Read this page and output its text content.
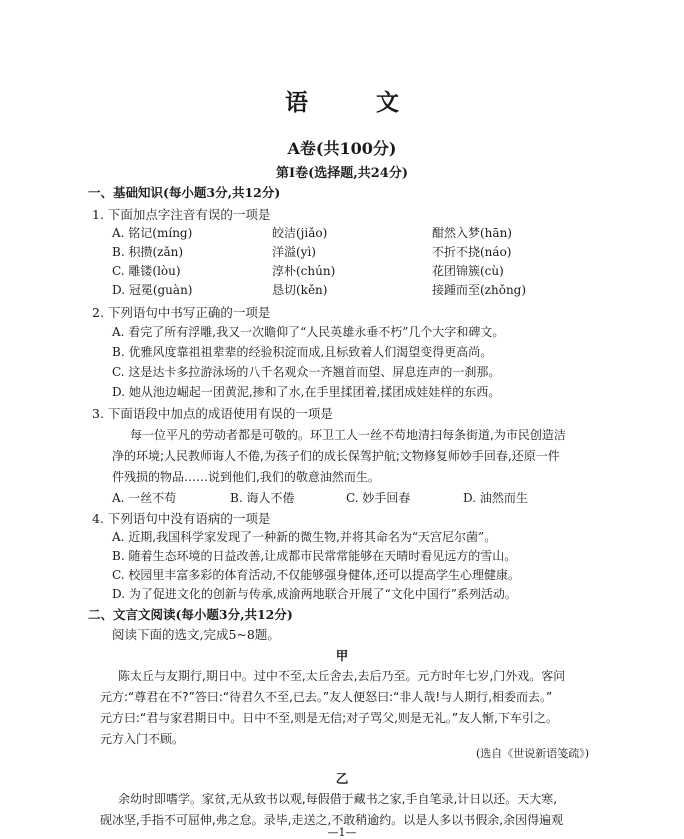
语 文
A卷(共100分)
第Ⅰ卷(选择题,共24分)
一、基础知识(每小题3分,共12分)
1. 下面加点字注音有误的一项是
A. 铭记(míng)	皎洁(jiǎo)	酣然入梦(hān)
B. 积攒(zǎn)	洋溢(yì)	不折不挠(náo)
C. 雕镂(lòu)	淳朴(chún)	花团锦簇(cù)
D. 冠冕(guàn)	恳切(kěn)	接踵而至(zhǒng)
2. 下列语句中书写正确的一项是
A. 看完了所有浮雕,我又一次瞻仰了“人民英雄永垂不朽”几个大字和碑文。
B. 优雅风度靠祖祖辈辈的经验积淀而成,且标致着人们渴望变得更高尚。
C. 这是达卡多拉游泳场的八千名观众一齐翘首而望、屏息连声的一刹那。
D. 她从池边崛起一团黄泥,掺和了水,在手里揉团着,揉团成娃娃样的东西。
3. 下面语段中加点的成语使用有误的一项是
每一位平凡的劳动者都是可敬的。环卫工人一丝不苟地清扫每条街道,为市民创造洁
净的环境;人民教师诲人不倦,为孩子们的成长保驾护航;文物修复师妙手回春,还原一件
件残损的物品……说到他们,我们的敬意油然而生。
A. 一丝不苟	B. 诲人不倦	C. 妙手回春	D. 油然而生
4. 下列语句中没有语病的一项是
A. 近期,我国科学家发现了一种新的微生物,并将其命名为“天宫尼尔菌”。
B. 随着生态环境的日益改善,让成都市民常常能够在天晴时看见远方的雪山。
C. 校园里丰富多彩的体育活动,不仅能够强身健体,还可以提高学生心理健康。
D. 为了促进文化的创新与传承,成渝两地联合开展了“文化中国行”系列活动。
二、文言文阅读(每小题3分,共12分)
阅读下面的选文,完成5~8题。
甲
陈太丘与友期行,期日中。过中不至,太丘舍去,去后乃至。元方时年七岁,门外戏。客问
元方:“尊君在不?”答曰:“待君久不至,已去。”友人便怒曰:“非人哉!与人期行,相委而去。”
元方曰:“君与家君期日中。日中不至,则是无信;对子骂父,则是无礼。”友人惭,下车引之。
元方入门不顾。
(选自《世说新语笺疏》)
乙
余幼时即嗜学。家贫,无从致书以观,每假借于藏书之家,手自笔录,计日以还。天大寒,
砚冰坚,手指不可屈伸,弗之怠。录毕,走送之,不敢稍逾约。以是人多以书假余,余因得遍观
—1—
